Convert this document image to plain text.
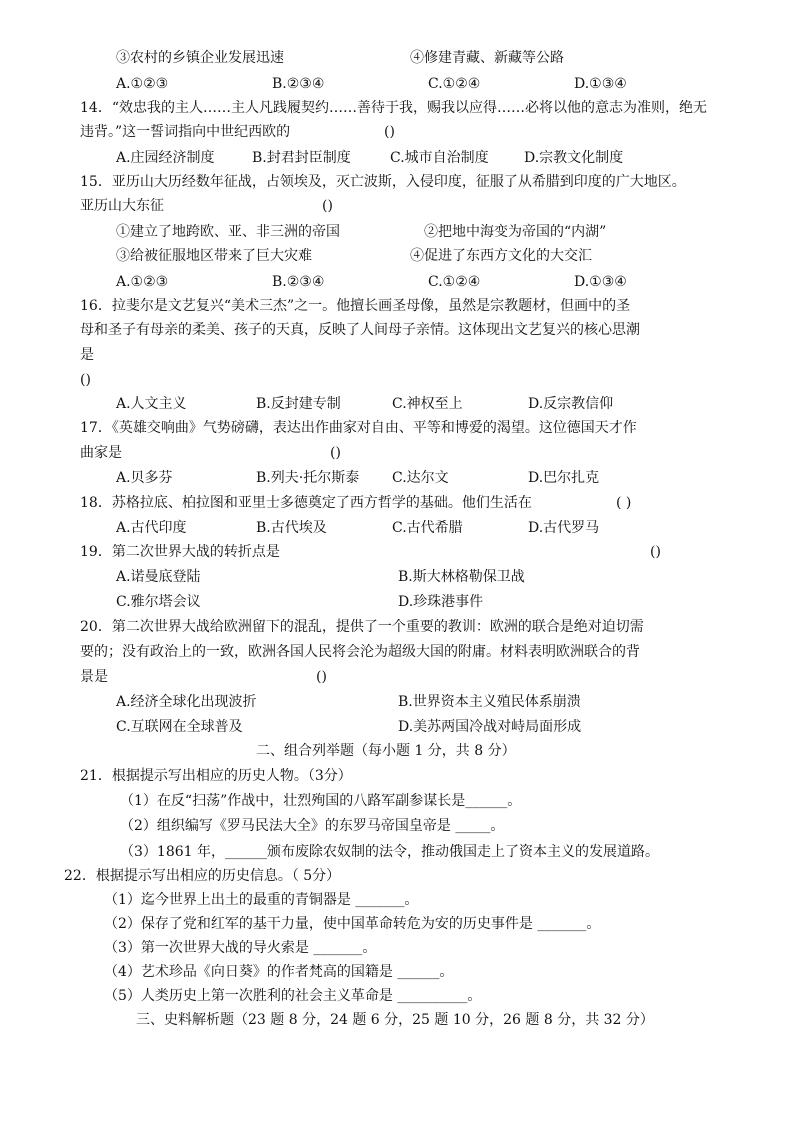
③农村的乡镇企业发展迅速	④修建青藏、新藏等公路
A.①②③	B.②③④	C.①②④	D.①③④
14．“效忠我的主人……主人凡践履契约……善待于我，赐我以应得……必将以他的意志为准则，绝无
违背。”这一誓词指向中世纪西欧的	()
A.庄园经济制度	B.封君封臣制度	C.城市自治制度	D.宗教文化制度
15．亚历山大历经数年征战，占领埃及，灭亡波斯，入侵印度，征服了从希腊到印度的广大地区。
亚历山大东征	()
①建立了地跨欧、亚、非三洲的帝国	②把地中海变为帝国的“内湖”
③给被征服地区带来了巨大灾难	④促进了东西方文化的大交汇
A.①②③	B.②③④	C.①②④	D.①③④
16．拉斐尔是文艺复兴“美术三杰”之一。他擅长画圣母像，虽然是宗教题材，但画中的圣
母和圣子有母亲的柔美、孩子的天真，反映了人间母子亲情。这体现出文艺复兴的核心思潮
是
()
A.人文主义	B.反封建专制	C.神权至上	D.反宗教信仰
17．《英雄交响曲》气势磅礴，表达出作曲家对自由、平等和博爱的渴望。这位德国天才作
曲家是	()
A.贝多芬	B.列夫·托尔斯泰 C.达尔文	D.巴尔扎克
18．苏格拉底、柏拉图和亚里士多德奠定了西方哲学的基础。他们生活在	( )
A.古代印度	B.古代埃及	C.古代希腊	D.古代罗马
19．第二次世界大战的转折点是	()
A.诺曼底登陆	B.斯大林格勒保卫战
C.雅尔塔会议	D.珍珠港事件
20．第二次世界大战给欧洲留下的混乱，提供了一个重要的教训：欧洲的联合是绝对迫切需
要的；没有政治上的一致，欧洲各国人民将会沦为超级大国的附庸。材料表明欧洲联合的背
景是	()
A.经济全球化出现波折	B.世界资本主义殖民体系崩溃
C.互联网在全球普及	D.美苏两国冷战对峙局面形成
二、组合列举题（每小题 1 分，共 8 分）
21．根据提示写出相应的历史人物。（3分）
（1）在反“扫荡”作战中，壮烈殉国的八路军副参谋长是______。
（2）组织编写《罗马民法大全》的东罗马帝国皇帝是 _____。
（3）1861 年，______颁布废除农奴制的法令，推动俄国走上了资本主义的发展道路。
22．根据提示写出相应的历史信息。（ 5分）
（1）迄今世界上出土的最重的青铜器是 _______。
（2）保存了党和红军的基干力量，使中国革命转危为安的历史事件是 _______。
（3）第一次世界大战的导火索是 _______。
（4）艺术珍品《向日葵》的作者梵高的国籍是 ______。
（5）人类历史上第一次胜利的社会主义革命是 __________。
三、史料解析题（23 题 8 分，24 题 6 分，25 题 10 分，26 题 8 分，共 32 分）
